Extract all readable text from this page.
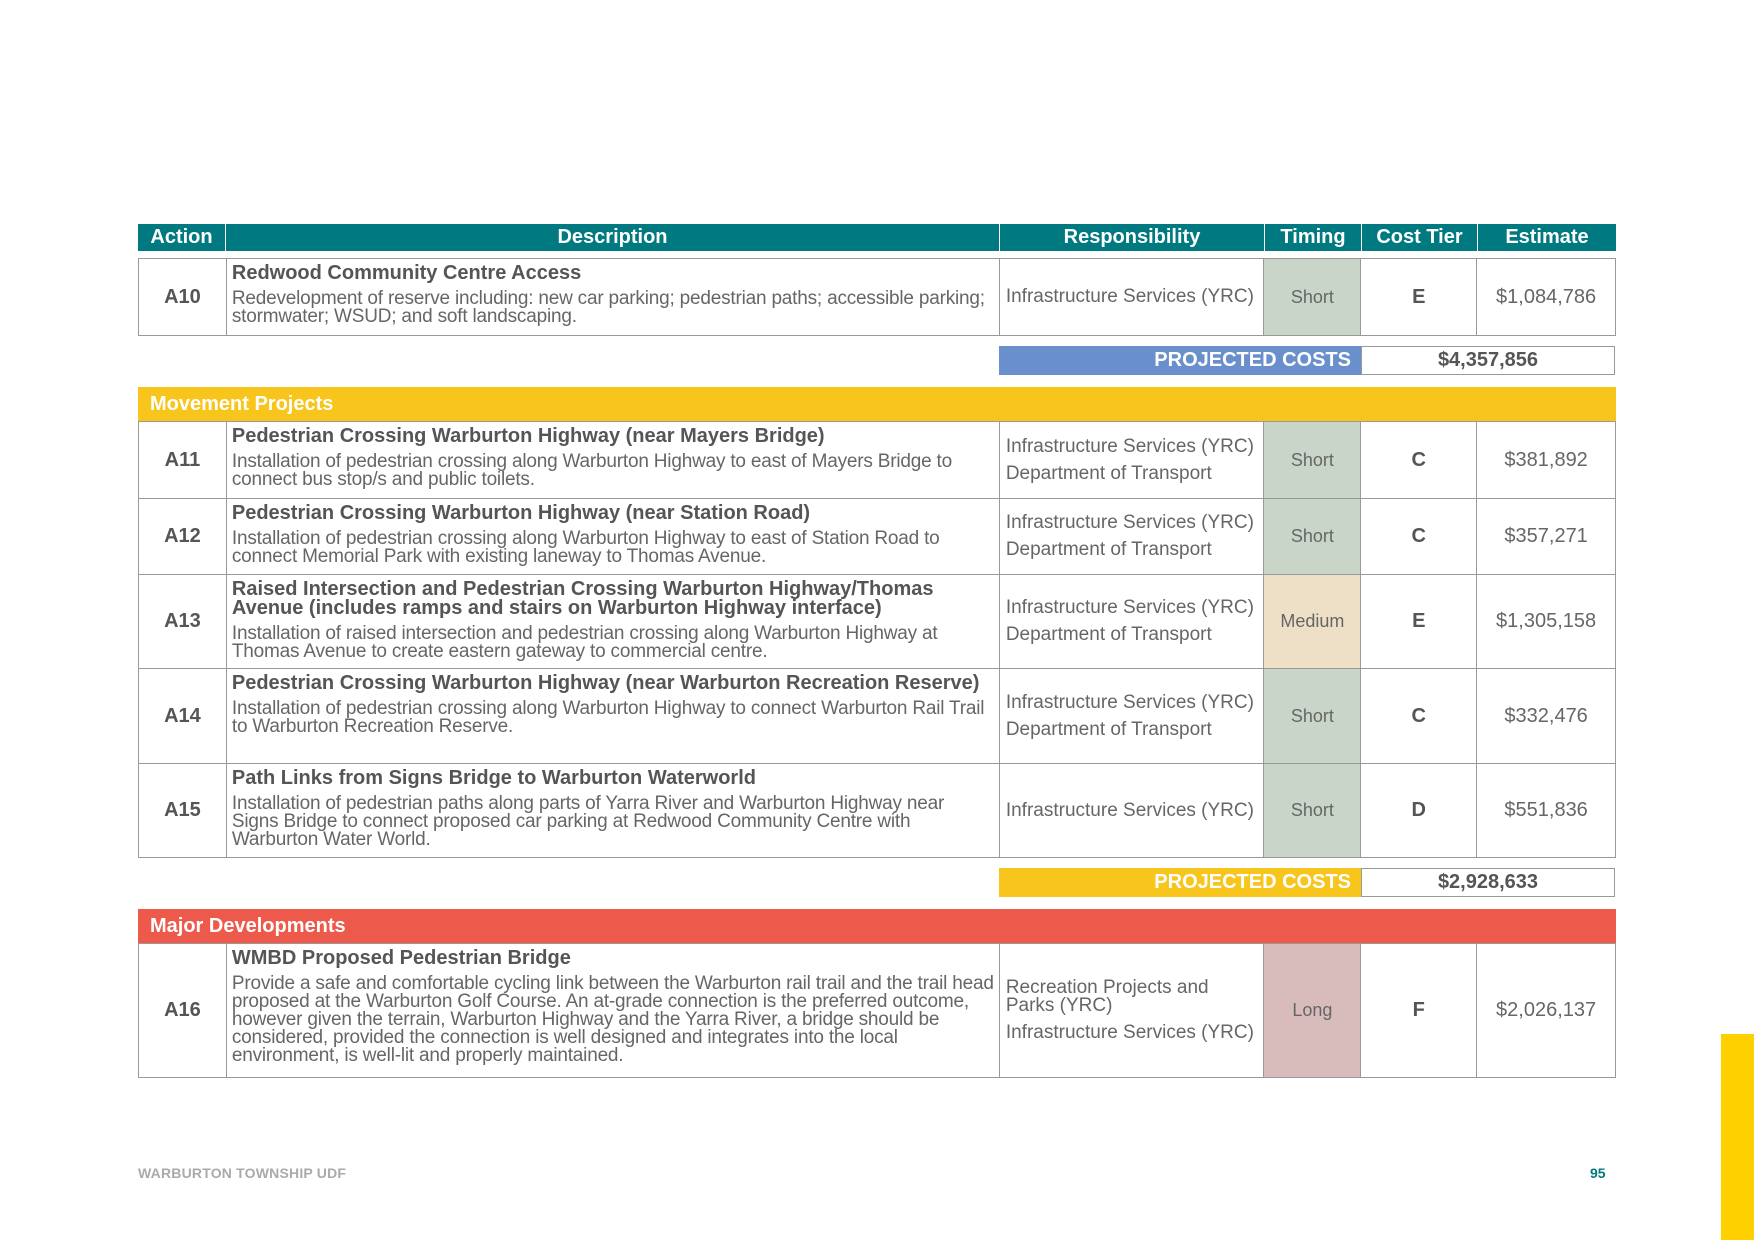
Action	Description	Responsibility	Timing	Cost Tier	Estimate
A10
Redwood Community Centre Access
Redevelopment of reserve including: new car parking; pedestrian paths; accessible parking; stormwater; WSUD; and soft landscaping.
Infrastructure Services (YRC)	Short	E	$1,084,786
PROJECTED COSTS	$4,357,856
Movement Projects
A11
Pedestrian Crossing Warburton Highway (near Mayers Bridge)
Installation of pedestrian crossing along Warburton Highway to east of Mayers Bridge to connect bus stop/s and public toilets.
Infrastructure Services (YRC)
Department of Transport
Short	C	$381,892
A12
Pedestrian Crossing Warburton Highway (near Station Road)
Installation of pedestrian crossing along Warburton Highway to east of Station Road to connect Memorial Park with existing laneway to Thomas Avenue.
Infrastructure Services (YRC)
Department of Transport
Short	C	$357,271
A13
Raised Intersection and Pedestrian Crossing Warburton Highway/Thomas Avenue (includes ramps and stairs on Warburton Highway interface)
Installation of raised intersection and pedestrian crossing along Warburton Highway at Thomas Avenue to create eastern gateway to commercial centre.
Infrastructure Services (YRC)
Department of Transport
Medium	E	$1,305,158
A14
Pedestrian Crossing Warburton Highway (near Warburton Recreation Reserve)
Installation of pedestrian crossing along Warburton Highway to connect Warburton Rail Trail to Warburton Recreation Reserve.
Infrastructure Services (YRC)
Department of Transport
Short	C	$332,476
A15
Path Links from Signs Bridge to Warburton Waterworld
Installation of pedestrian paths along parts of Yarra River and Warburton Highway near Signs Bridge to connect proposed car parking at Redwood Community Centre with Warburton Water World.
Infrastructure Services (YRC)	Short	D	$551,836
PROJECTED COSTS	$2,928,633
Major Developments
A16
WMBD Proposed Pedestrian Bridge
Provide a safe and comfortable cycling link between the Warburton rail trail and the trail head proposed at the Warburton Golf Course. An at-grade connection is the preferred outcome, however given the terrain, Warburton Highway and the Yarra River, a bridge should be considered, provided the connection is well designed and integrates into the local environment, is well-lit and properly maintained.
Recreation Projects and Parks (YRC)
Infrastructure Services (YRC)
Long	F	$2,026,137
WARBURTON TOWNSHIP UDF	95
